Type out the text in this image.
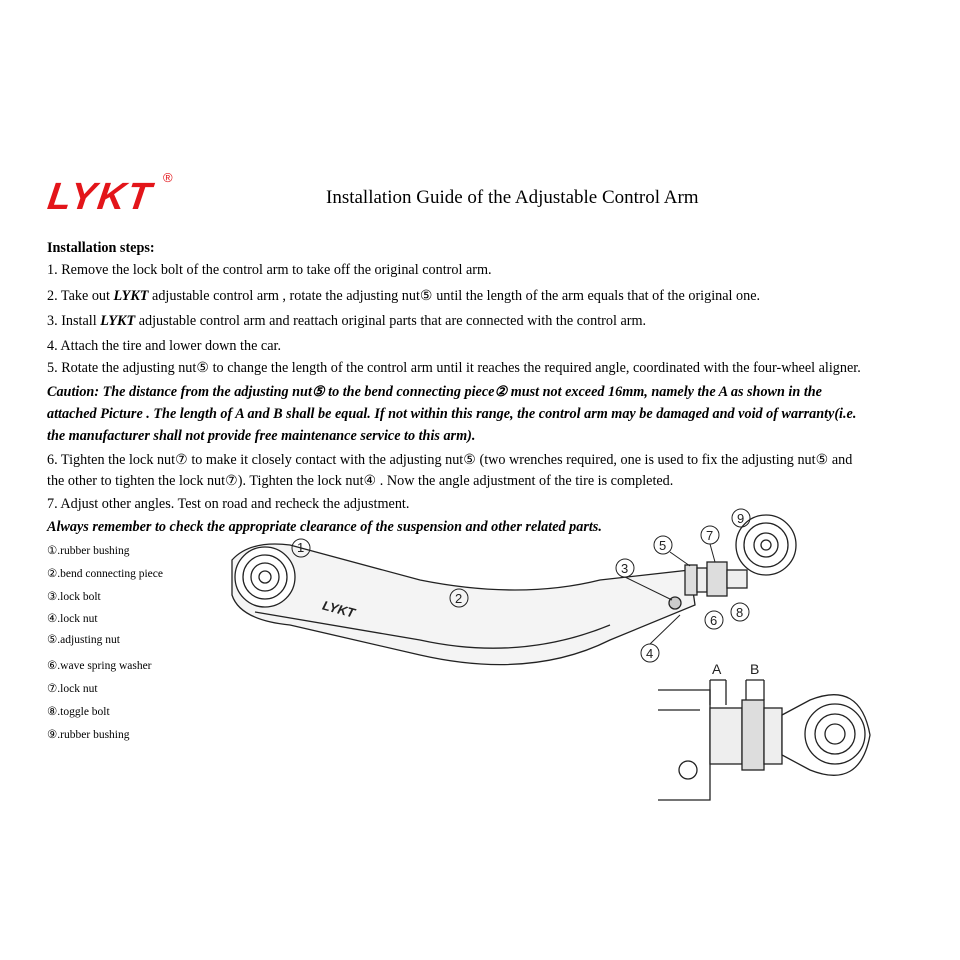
LYKT ®
Installation Guide of the Adjustable Control Arm
Installation steps:
1. Remove the lock bolt of the control arm to take off the original control arm.
2. Take out LYKT adjustable control arm , rotate the adjusting nut⑤ until the length of the arm equals that of the original one.
3. Install LYKT adjustable control arm and reattach original parts that are connected with the control arm.
4. Attach the tire and lower down the car.
5. Rotate the adjusting nut⑤ to change the length of the control arm until it reaches the required angle, coordinated with the four-wheel aligner.
Caution: The distance from the adjusting nut⑤ to the bend connecting piece② must not exceed 16mm, namely the A as shown in the
attached Picture . The length of A and B shall be equal. If not within this range, the control arm may be damaged and void of warranty(i.e.
the manufacturer shall not provide free maintenance service to this arm).
6. Tighten the lock nut⑦ to make it closely contact with the adjusting nut⑤ (two wrenches required, one is used to fix the adjusting nut⑤ and
the other to tighten the lock nut⑦). Tighten the lock nut④ . Now the angle adjustment of the tire is completed.
7. Adjust other angles. Test on road and recheck the adjustment.
Always remember to check the appropriate clearance of the suspension and other related parts.
①.rubber bushing
②.bend connecting piece
③.lock bolt
④.lock nut
⑤.adjusting nut
⑥.wave spring washer
⑦.lock nut
⑧.toggle bolt
⑨.rubber bushing
LYKT
1
2
3
4
5
6
7
8
9
A B
